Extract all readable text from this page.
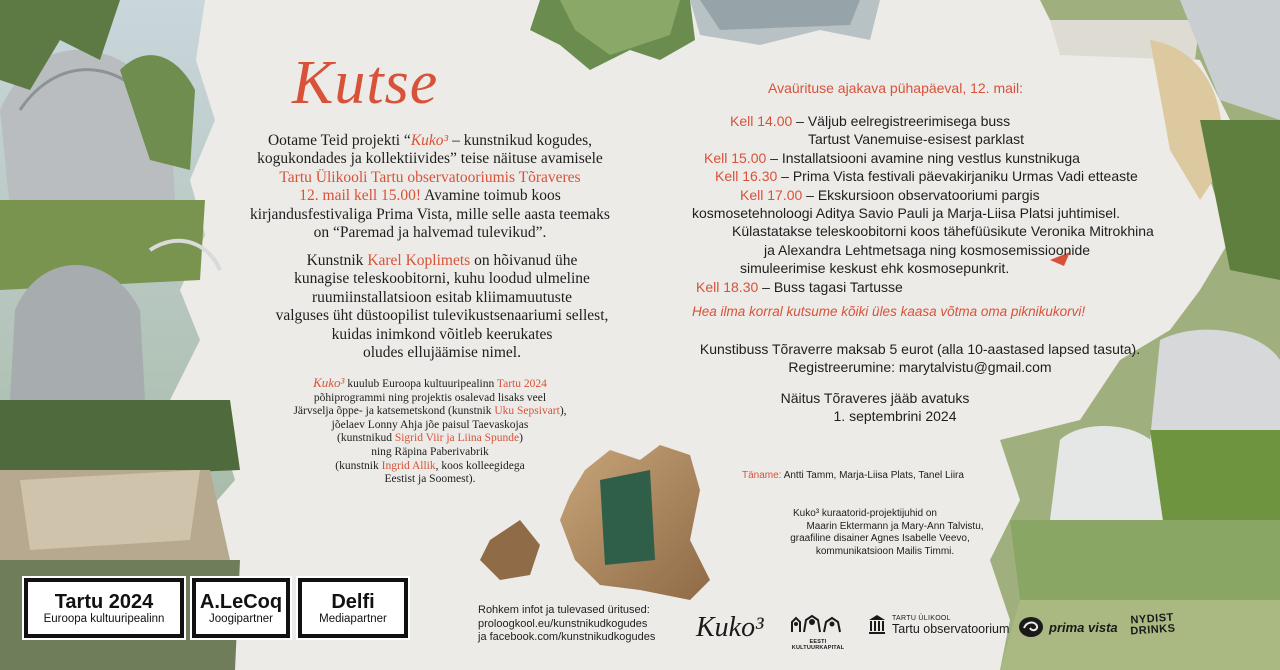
Kutse
Ootame Teid projekti “Kuko³ – kunstnikud kogudes,
kogukondades ja kollektiivides” teise näituse avamisele
Tartu Ülikooli Tartu observatooriumis Tõraveres
12. mail kell 15.00! Avamine toimub koos
kirjandusfestivaliga Prima Vista, mille selle aasta teemaks
on “Paremad ja halvemad tulevikud”.
Kunstnik Karel Koplimets on hõivanud ühe
kunagise teleskoobitorni, kuhu loodud ulmeline
ruumiinstallatsioon esitab kliimamuutuste
valguses üht düstoopilist tulevikustsenaariumi sellest,
kuidas inimkond võitleb keerukates
oludes ellujäämise nimel.
Kuko³ kuulub Euroopa kultuuripealinn Tartu 2024
põhiprogrammi ning projektis osalevad lisaks veel
Järvselja õppe- ja katsemetskond (kunstnik Uku Sepsivart),
jõelaev Lonny Ahja jõe paisul Taevaskojas
(kunstnikud Sigrid Viir ja Liina Spunde)
ning Räpina Paberivabrik
(kunstnik Ingrid Allik, koos kolleegidega
Eestist ja Soomest).
Rohkem infot ja tulevased üritused:
proloogkool.eu/kunstnikudkogudes
ja facebook.com/kunstnikudkogudes
Avaürituse ajakava pühapäeval, 12. mail:
Kell 14.00 – Väljub eelregistreerimisega buss
Tartust Vanemuise-esisest parklast
Kell 15.00 – Installatsiooni avamine ning vestlus kunstnikuga
Kell 16.30 – Prima Vista festivali päevakirjaniku Urmas Vadi etteaste
Kell 17.00 – Ekskursioon observatooriumi pargis
kosmosetehnoloogi Aditya Savio Pauli ja Marja-Liisa Platsi juhtimisel.
Külastatakse teleskoobitorni koos tähefüüsikute Veronika Mitrokhina
ja Alexandra Lehtmetsaga ning kosmosemissioonide
simuleerimise keskust ehk kosmosepunkrit.
Kell 18.30 – Buss tagasi Tartusse
Hea ilma korral kutsume kõiki üles kaasa võtma oma piknikukorvi!
Kunstibuss Tõraverre maksab 5 eurot (alla 10-aastased lapsed tasuta).
Registreerumine: marytalvistu@gmail.com
Näitus Tõraveres jääb avatuks
1. septembrini 2024
Täname: Antti Tamm, Marja-Liisa Plats, Tanel Liira
Kuko³ kuraatorid-projektijuhid on
Maarin Ektermann ja Mary-Ann Talvistu,
graafiline disainer Agnes Isabelle Veevo,
kommunikatsioon Mailis Timmi.
Tartu 2024
Euroopa kultuuripealinn
A.LeCoq
Joogipartner
Delfi
Mediapartner	Kuko³	EESTI KULTUURKAPITAL
TARTU ÜLIKOOL
Tartu observatoorium	prima vista
NYDIST
DRINKS
